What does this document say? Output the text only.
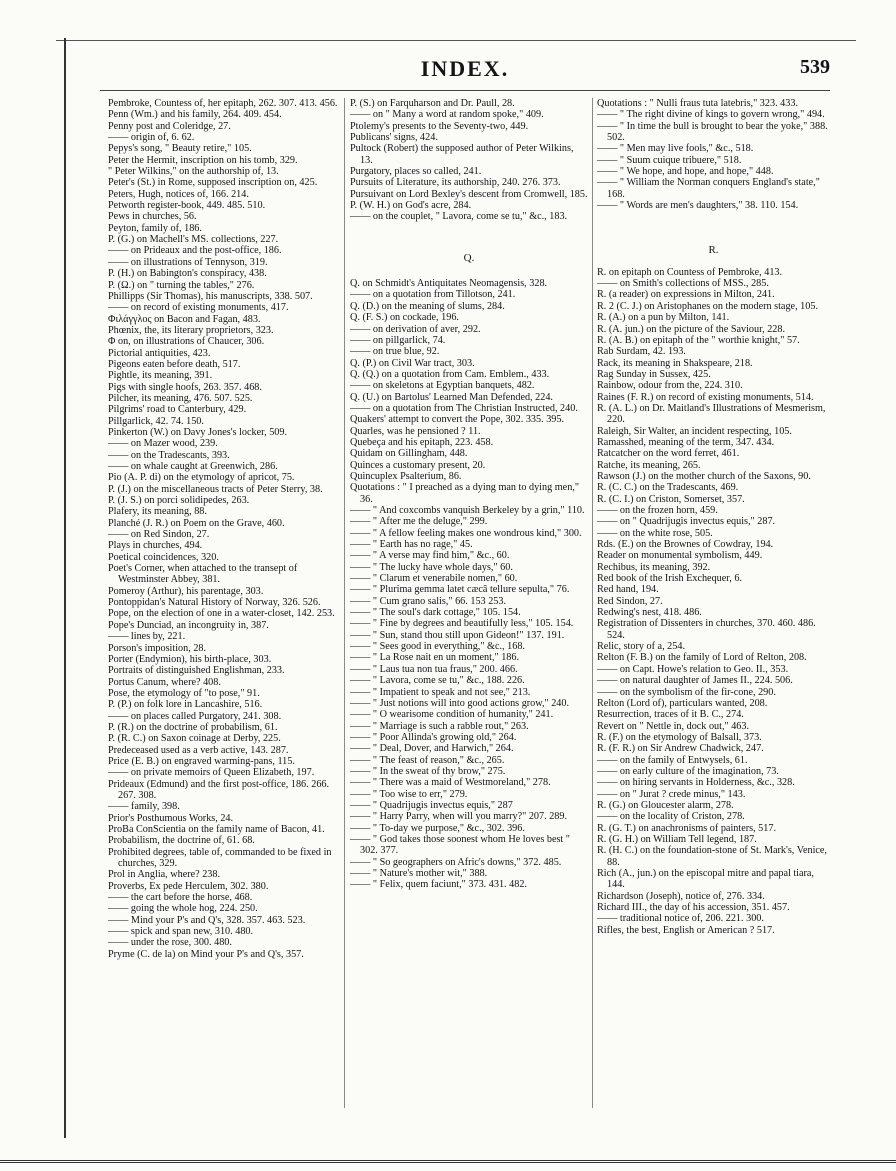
INDEX.	539

Pembroke, Countess of, her epitaph, 262. 307. 413. 456.

Penn (Wm.) and his family, 264. 409. 454.

Penny post and Coleridge, 27.

—— origin of, 6. 62.

Pepys's song, " Beauty retire," 105.

Peter the Hermit, inscription on his tomb, 329.

" Peter Wilkins," on the authorship of, 13.

Peter's (St.) in Rome, supposed inscription on, 425.

Peters, Hugh, notices of, 166. 214.

Petworth register-book, 449. 485. 510.

Pews in churches, 56.

Peyton, family of, 186.

P. (G.) on Machell's MS. collections, 227.

—— on Prideaux and the post-office, 186.

—— on illustrations of Tennyson, 319.

P. (H.) on Babington's conspiracy, 438.

P. (Ω.) on " turning the tables," 276.

Phillipps (Sir Thomas), his manuscripts, 338. 507.

—— on record of existing monuments, 417.

Φιλάγγλος on Bacon and Fagan, 483.

Phœnix, the, its literary proprietors, 323.

Φ on, on illustrations of Chaucer, 306.

Pictorial antiquities, 423.

Pigeons eaten before death, 517.

Pightle, its meaning, 391.

Pigs with single hoofs, 263. 357. 468.

Pilcher, its meaning, 476. 507. 525.

Pilgrims' road to Canterbury, 429.

Pillgarlick, 42. 74. 150.

Pinkerton (W.) on Davy Jones's locker, 509.

—— on Mazer wood, 239.

—— on the Tradescants, 393.

—— on whale caught at Greenwich, 286.

Pio (A. P. di) on the etymology of apricot, 75.

P. (J.) on the miscellaneous tracts of Peter Sterry, 38.

P. (J. S.) on porci solidipedes, 263.

Plafery, its meaning, 88.

Planché (J. R.) on Poem on the Grave, 460.

—— on Red Sindon, 27.

Plays in churches, 494.

Poetical coincidences, 320.

Poet's Corner, when attached to the transept of Westminster Abbey, 381.

Pomeroy (Arthur), his parentage, 303.

Pontoppidan's Natural History of Norway, 326. 526.

Pope, on the election of one in a water-closet, 142. 253.

Pope's Dunciad, an incongruity in, 387.

—— lines by, 221.

Porson's imposition, 28.

Porter (Endymion), his birth-place, 303.

Portraits of distinguished Englishman, 233.

Portus Canum, where? 408.

Pose, the etymology of "to pose," 91.

P. (P.) on folk lore in Lancashire, 516.

—— on places called Purgatory, 241. 308.

P. (R.) on the doctrine of probabilism, 61.

P. (R. C.) on Saxon coinage at Derby, 225.

Predeceased used as a verb active, 143. 287.

Price (E. B.) on engraved warming-pans, 115.

—— on private memoirs of Queen Elizabeth, 197.

Prideaux (Edmund) and the first post-office, 186. 266. 267. 308.

—— family, 398.

Prior's Posthumous Works, 24.

ProBa ConScientia on the family name of Bacon, 41.

Probabilism, the doctrine of, 61. 68.

Prohibited degrees, table of, commanded to be fixed in churches, 329.

Prol in Anglia, where? 238.

Proverbs, Ex pede Herculem, 302. 380.

—— the cart before the horse, 468.

—— going the whole hog, 224. 250.

—— Mind your P's and Q's, 328. 357. 463. 523.

—— spick and span new, 310. 480.

—— under the rose, 300. 480.

Pryme (C. de la) on Mind your P's and Q's, 357.

P. (S.) on Farquharson and Dr. Paull, 28.

—— on " Many a word at random spoke," 409.

Ptolemy's presents to the Seventy-two, 449.

Publicans' signs, 424.

Pultock (Robert) the supposed author of Peter Wilkins, 13.

Purgatory, places so called, 241.

Pursuits of Literature, its authorship, 240. 276. 373.

Pursuivant on Lord Bexley's descent from Cromwell, 185.

P. (W. H.) on God's acre, 284.

—— on the couplet, " Lavora, come se tu," &c., 183.

Q.

Q. on Schmidt's Antiquitates Neomagensis, 328.

—— on a quotation from Tillotson, 241.

Q. (D.) on the meaning of slums, 284.

Q. (F. S.) on cockade, 196.

—— on derivation of aver, 292.

—— on pillgarlick, 74.

—— on true blue, 92.

Q. (P.) on Civil War tract, 303.

Q. (Q.) on a quotation from Cam. Emblem., 433.

—— on skeletons at Egyptian banquets, 482.

Q. (U.) on Bartolus' Learned Man Defended, 224.

—— on a quotation from The Christian Instructed, 240.

Quakers' attempt to convert the Pope, 302. 335. 395.

Quarles, was he pensioned ? 11.

Quebeça and his epitaph, 223. 458.

Quidam on Gillingham, 448.

Quinces a customary present, 20.

Quincuplex Psalterium, 86.

Quotations : " I preached as a dying man to dying men," 36.

—— " And coxcombs vanquish Berkeley by a grin," 110.

—— " After me the deluge," 299.

—— " A fellow feeling makes one wondrous kind," 300.

—— " Earth has no rage," 45.

—— " A verse may find him," &c., 60.

—— " The lucky have whole days," 60.

—— " Clarum et venerabile nomen," 60.

—— " Plurima gemma latet cæcâ tellure sepulta," 76.

—— " Cum grano salis," 66. 153 253.

—— " The soul's dark cottage," 105. 154.

—— " Fine by degrees and beautifully less," 105. 154.

—— " Sun, stand thou still upon Gideon!" 137. 191.

—— " Sees good in everything," &c., 168.

—— " La Rose nait en un moment," 186.

—— " Laus tua non tua fraus," 200. 466.

—— " Lavora, come se tu," &c., 188. 226.

—— " Impatient to speak and not see," 213.

—— " Just notions will into good actions grow," 240.

—— " O wearisome condition of humanity," 241.

—— " Marriage is such a rabble rout," 263.

—— " Poor Allinda's growing old," 264.

—— " Deal, Dover, and Harwich," 264.

—— " The feast of reason," &c., 265.

—— " In the sweat of thy brow," 275.

—— " There was a maid of Westmoreland," 278.

—— " Too wise to err," 279.

—— " Quadrijugis invectus equis," 287

—— " Harry Parry, when will you marry?" 207. 289.

—— " To-day we purpose," &c., 302. 396.

—— " God takes those soonest whom He loves best " 302. 377.

—— " So geographers on Afric's downs," 372. 485.

—— " Nature's mother wit," 388.

—— " Felix, quem faciunt," 373. 431. 482.

Quotations : " Nulli fraus tuta latebris," 323. 433.

—— " The right divine of kings to govern wrong," 494.

—— " In time the bull is brought to bear the yoke," 388. 502.

—— " Men may live fools," &c., 518.

—— " Suum cuique tribuere," 518.

—— " We hope, and hope, and hope," 448.

—— " William the Norman conquers England's state," 168.

—— " Words are men's daughters," 38. 110. 154.

R.

R. on epitaph on Countess of Pembroke, 413.

—— on Smith's collections of MSS., 285.

R. (a reader) on expressions in Milton, 241.

R. 2 (C. J.) on Aristophanes on the modern stage, 105.

R. (A.) on a pun by Milton, 141.

R. (A. jun.) on the picture of the Saviour, 228.

R. (A. B.) on epitaph of the " worthie knight," 57.

Rab Surdam, 42. 193.

Rack, its meaning in Shakspeare, 218.

Rag Sunday in Sussex, 425.

Rainbow, odour from the, 224. 310.

Raines (F. R.) on record of existing monuments, 514.

R. (A. L.) on Dr. Maitland's Illustrations of Mesmerism, 220.

Raleigh, Sir Walter, an incident respecting, 105.

Ramasshed, meaning of the term, 347. 434.

Ratcatcher on the word ferret, 461.

Ratche, its meaning, 265.

Rawson (J.) on the mother church of the Saxons, 90.

R. (C. C.) on the Tradescants, 469.

R. (C. I.) on Criston, Somerset, 357.

—— on the frozen horn, 459.

—— on " Quadrijugis invectus equis," 287.

—— on the white rose, 505.

Rds. (E.) on the Brownes of Cowdray, 194.

Reader on monumental symbolism, 449.

Rechibus, its meaning, 392.

Red book of the Irish Exchequer, 6.

Red hand, 194.

Red Sindon, 27.

Redwing's nest, 418. 486.

Registration of Dissenters in churches, 370. 460. 486. 524.

Relic, story of a, 254.

Relton (F. B.) on the family of Lord of Relton, 208.

—— on Capt. Howe's relation to Geo. II., 353.

—— on natural daughter of James II., 224. 506.

—— on the symbolism of the fir-cone, 290.

Relton (Lord of), particulars wanted, 208.

Resurrection, traces of it B. C., 274.

Revert on " Nettle in, dock out," 463.

R. (F.) on the etymology of Balsall, 373.

R. (F. R.) on Sir Andrew Chadwick, 247.

—— on the family of Entwysels, 61.

—— on early culture of the imagination, 73.

—— on hiring servants in Holderness, &c., 328.

—— on " Jurat ? crede minus," 143.

R. (G.) on Gloucester alarm, 278.

—— on the locality of Criston, 278.

R. (G. T.) on anachronisms of painters, 517.

R. (G. H.) on William Tell legend, 187.

R. (H. C.) on the foundation-stone of St. Mark's, Venice, 88.

Rich (A., jun.) on the episcopal mitre and papal tiara, 144.

Richardson (Joseph), notice of, 276. 334.

Richard III., the day of his accession, 351. 457.

—— traditional notice of, 206. 221. 300.

Rifles, the best, English or American ? 517.
